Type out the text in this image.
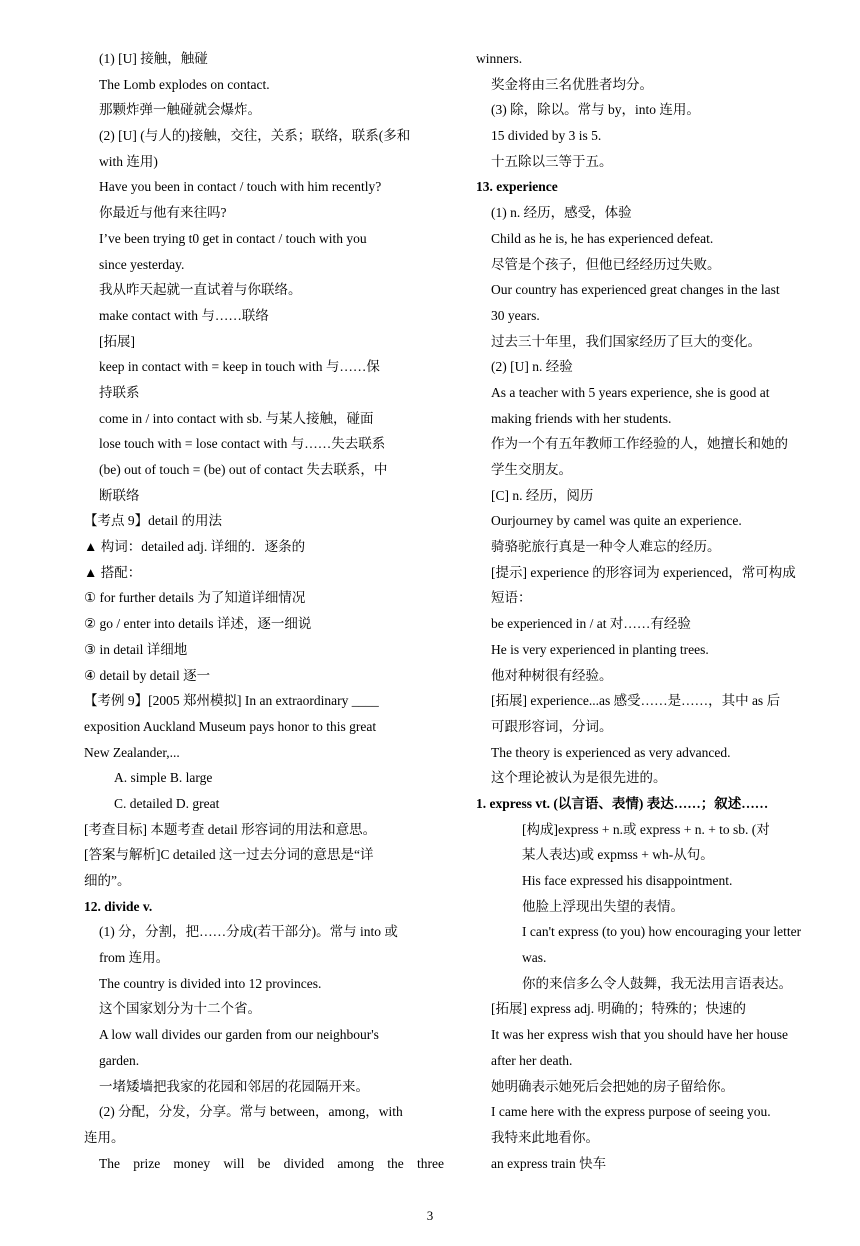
(1) [U] 接触，触碰
The Lomb explodes on contact.
那颗炸弹一触碰就会爆炸。
(2) [U] (与人的)接触，交往，关系；联络，联系(多和
with 连用)
Have you been in contact / touch with him recently?
你最近与他有来往吗?
I’ve been trying t0 get in contact / touch with you
since yesterday.
我从昨天起就一直试着与你联络。
make contact with 与……联络
[拓展]
keep in contact with = keep in touch with 与……保
持联系
come in / into contact with sb. 与某人接触，碰面
lose touch with = lose contact with 与……失去联系
(be) out of touch = (be) out of contact 失去联系，中
断联络
【考点 9】detail 的用法
▲ 构词：detailed adj. 详细的．逐条的
▲ 搭配：
① for further details 为了知道详细情况
② go / enter into details 详述，逐一细说
③ in detail 详细地
④ detail by detail 逐一
【考例 9】[2005 郑州模拟] In an extraordinary ____
exposition Auckland Museum pays honor to this great
New Zealander,...
A. simple B. large
C. detailed D. great
[考查目标] 本题考查 detail 形容词的用法和意思。
[答案与解析]C detailed 这一过去分词的意思是“详
细的”。
12. divide v.
(1) 分，分割，把……分成(若干部分)。常与 into 或
from 连用。
The country is divided into 12 provinces.
这个国家划分为十二个省。
A low wall divides our garden from our neighbour's
garden.
一堵矮墙把我家的花园和邻居的花园隔开来。
(2) 分配，分发，分享。常与 between，among，with
连用。
The prize money will be divided among the three
winners.
奖金将由三名优胜者均分。
(3) 除，除以。常与 by，into 连用。
15 divided by 3 is 5.
十五除以三等于五。
13. experience
(1) n. 经历，感受，体验
Child as he is, he has experienced defeat.
尽管是个孩子，但他已经经历过失败。
Our country has experienced great changes in the last
30 years.
过去三十年里，我们国家经历了巨大的变化。
(2) [U] n. 经验
As a teacher with 5 years experience, she is good at
making friends with her students.
作为一个有五年教师工作经验的人，她擅长和她的
学生交朋友。
[C] n. 经历，阅历
Ourjourney by camel was quite an experience.
骑骆驼旅行真是一种令人难忘的经历。
[提示] experience 的形容词为 experienced，常可构成
短语：
be experienced in / at 对……有经验
He is very experienced in planting trees.
他对种树很有经验。
[拓展] experience...as 感受……是……，其中 as 后
可跟形容词，分词。
The theory is experienced as very advanced.
这个理论被认为是很先进的。
1. express vt. (以言语、表情) 表达……；叙述……
[构成]express + n.或 express + n. + to sb. (对
某人表达)或 expmss + wh-从句。
His face expressed his disappointment.
他脸上浮现出失望的表情。
I can't express (to you) how encouraging your letter
was.
你的来信多么令人鼓舞，我无法用言语表达。
[拓展] express adj. 明确的；特殊的；快速的
It was her express wish that you should have her house
after her death.
她明确表示她死后会把她的房子留给你。
I came here with the express purpose of seeing you.
我特来此地看你。
an express train 快车
3
